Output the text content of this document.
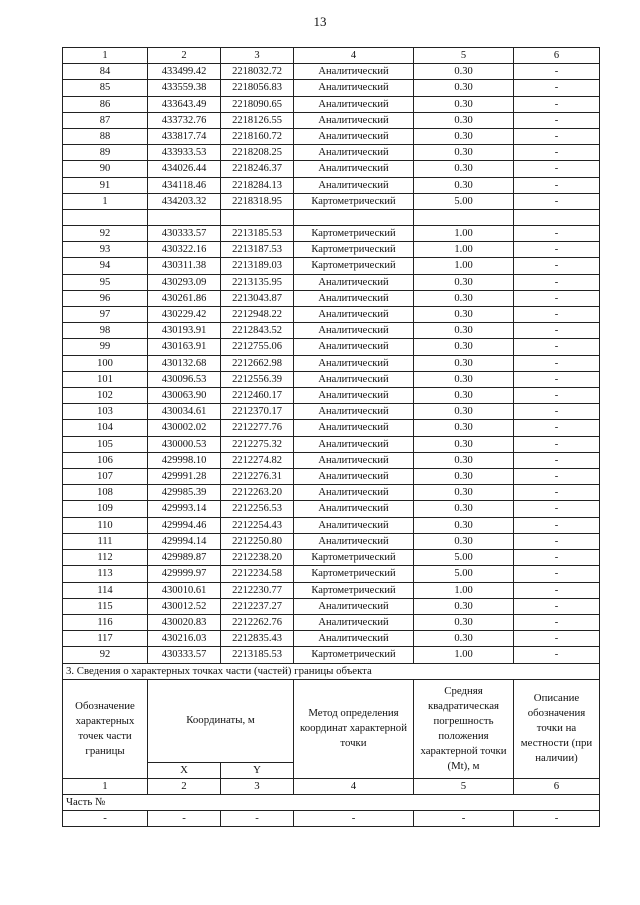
13
1	2	3	4	5	6
84	433499.42	2218032.72	Аналитический	0.30	-
85	433559.38	2218056.83	Аналитический	0.30	-
86	433643.49	2218090.65	Аналитический	0.30	-
87	433732.76	2218126.55	Аналитический	0.30	-
88	433817.74	2218160.72	Аналитический	0.30	-
89	433933.53	2218208.25	Аналитический	0.30	-
90	434026.44	2218246.37	Аналитический	0.30	-
91	434118.46	2218284.13	Аналитический	0.30	-
1	434203.32	2218318.95	Картометрический	5.00	-

92	430333.57	2213185.53	Картометрический	1.00	-
93	430322.16	2213187.53	Картометрический	1.00	-
94	430311.38	2213189.03	Картометрический	1.00	-
95	430293.09	2213135.95	Аналитический	0.30	-
96	430261.86	2213043.87	Аналитический	0.30	-
97	430229.42	2212948.22	Аналитический	0.30	-
98	430193.91	2212843.52	Аналитический	0.30	-
99	430163.91	2212755.06	Аналитический	0.30	-
100	430132.68	2212662.98	Аналитический	0.30	-
101	430096.53	2212556.39	Аналитический	0.30	-
102	430063.90	2212460.17	Аналитический	0.30	-
103	430034.61	2212370.17	Аналитический	0.30	-
104	430002.02	2212277.76	Аналитический	0.30	-
105	430000.53	2212275.32	Аналитический	0.30	-
106	429998.10	2212274.82	Аналитический	0.30	-
107	429991.28	2212276.31	Аналитический	0.30	-
108	429985.39	2212263.20	Аналитический	0.30	-
109	429993.14	2212256.53	Аналитический	0.30	-
110	429994.46	2212254.43	Аналитический	0.30	-
111	429994.14	2212250.80	Аналитический	0.30	-
112	429989.87	2212238.20	Картометрический	5.00	-
113	429999.97	2212234.58	Картометрический	5.00	-
114	430010.61	2212230.77	Картометрический	1.00	-
115	430012.52	2212237.27	Аналитический	0.30	-
116	430020.83	2212262.76	Аналитический	0.30	-
117	430216.03	2212835.43	Аналитический	0.30	-
92	430333.57	2213185.53	Картометрический	1.00	-
3. Сведения о характерных точках части (частей) границы объекта					
Обозначение характерных точек части границы	Координаты, м		Метод определения координат характерной точки	Средняя квадратическая погрешность положения характерной точки (Mt), м	Описание обозначения точки на местности (при наличии)
	X	Y			
1	2	3	4	5	6
Часть №					
-	-	-	-	-	-
